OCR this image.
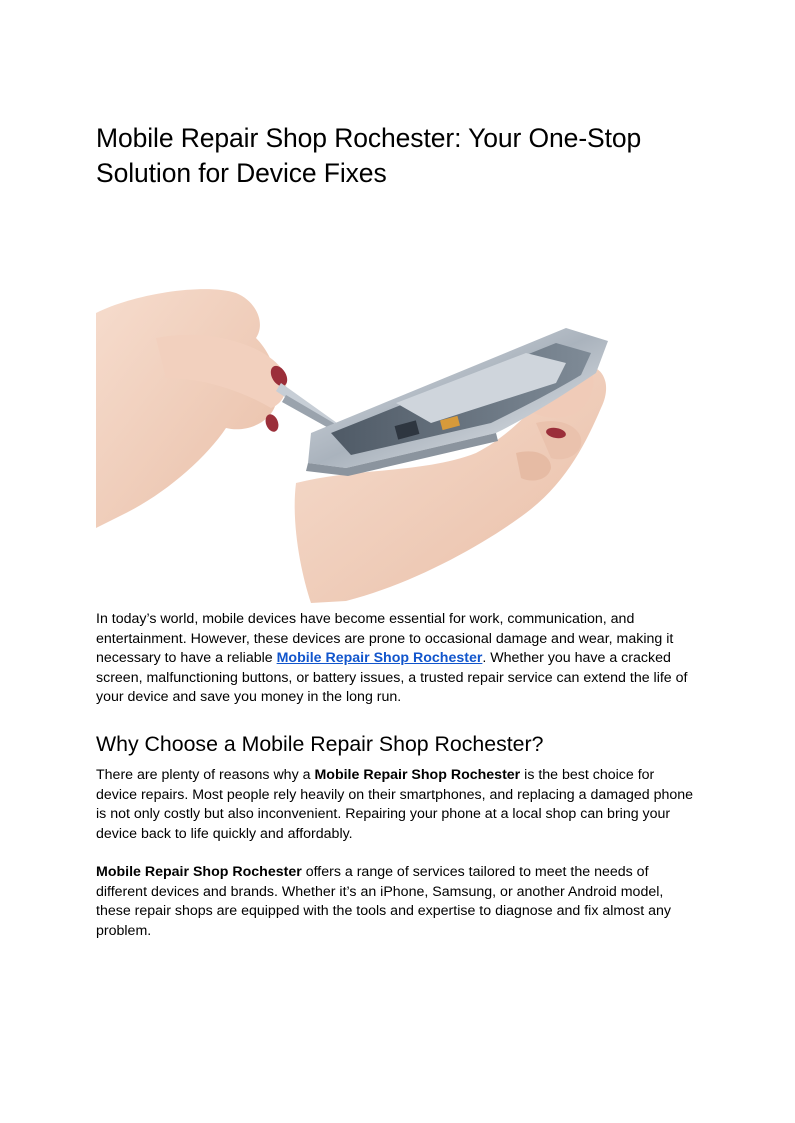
Mobile Repair Shop Rochester: Your One-Stop Solution for Device Fixes

In today’s world, mobile devices have become essential for work, communication, and entertainment. However, these devices are prone to occasional damage and wear, making it necessary to have a reliable Mobile Repair Shop Rochester. Whether you have a cracked screen, malfunctioning buttons, or battery issues, a trusted repair service can extend the life of your device and save you money in the long run.

Why Choose a Mobile Repair Shop Rochester?

There are plenty of reasons why a Mobile Repair Shop Rochester is the best choice for device repairs. Most people rely heavily on their smartphones, and replacing a damaged phone is not only costly but also inconvenient. Repairing your phone at a local shop can bring your device back to life quickly and affordably.

Mobile Repair Shop Rochester offers a range of services tailored to meet the needs of different devices and brands. Whether it’s an iPhone, Samsung, or another Android model, these repair shops are equipped with the tools and expertise to diagnose and fix almost any problem.
